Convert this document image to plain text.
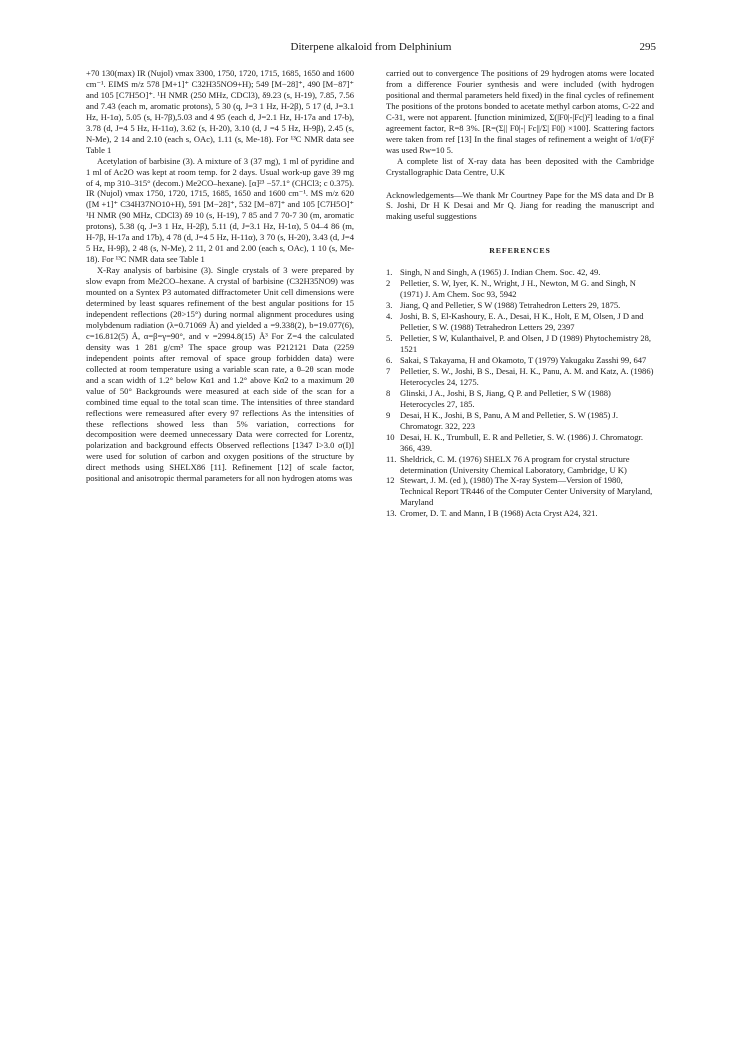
Diterpene alkaloid from Delphinium	295

+70 130(max) IR (Nujol) νmax 3300, 1750, 1720, 1715, 1685, 1650 and 1600 cm⁻¹. EIMS m/z 578 [M+1]⁺ C32H35NO9+H); 549 [M−28]⁺, 490 [M−87]⁺ and 105 [C7H5O]⁺. ¹H NMR (250 MHz, CDCl3), δ9.23 (s, H-19), 7.85, 7.56 and 7.43 (each m, aromatic protons), 5 30 (q, J=3 1 Hz, H-2β), 5 17 (d, J=3.1 Hz, H-1α), 5.05 (s, H-7β),5.03 and 4 95 (each d, J=2.1 Hz, H-17a and 17-b), 3.78 (d, J=4 5 Hz, H-11α), 3.62 (s, H-20), 3.10 (d, J =4 5 Hz, H-9β), 2.45 (s, N-Me), 2 14 and 2.10 (each s, OAc), 1.11 (s, Me-18). For ¹³C NMR data see Table 1

Acetylation of barbisine (3). A mixture of 3 (37 mg), 1 ml of pyridine and 1 ml of Ac2O was kept at room temp. for 2 days. Usual work-up gave 39 mg of 4, mp 310–315° (decom.) Me2CO–hexane). [α]²³ −57.1° (CHCl3; c 0.375). IR (Nujol) νmax 1750, 1720, 1715, 1685, 1650 and 1600 cm⁻¹. MS m/z 620 ([M +1]⁺ C34H37NO10+H), 591 [M−28]⁺, 532 [M−87]⁺ and 105 [C7H5O]⁺ ¹H NMR (90 MHz, CDCl3) δ9 10 (s, H-19), 7 85 and 7 70-7 30 (m, aromatic protons), 5.38 (q, J=3 1 Hz, H-2β), 5.11 (d, J=3.1 Hz, H-1α), 5 04–4 86 (m, H-7β, H-17a and 17b), 4 78 (d, J=4 5 Hz, H-11α), 3 70 (s, H-20), 3.43 (d, J=4 5 Hz, H-9β), 2 48 (s, N-Me), 2 11, 2 01 and 2.00 (each s, OAc), 1 10 (s, Me-18). For ¹³C NMR data see Table 1

X-Ray analysis of barbisine (3). Single crystals of 3 were prepared by slow evapn from Me2CO–hexane. A crystal of barbisine (C32H35NO9) was mounted on a Syntex P3 automated diffractometer Unit cell dimensions were determined by least squares refinement of the best angular positions for 15 independent reflections (2θ>15°) during normal alignment procedures using molybdenum radiation (λ=0.71069 Å) and yielded a =9.338(2), b=19.077(6), c=16.812(5) Å, α=β=γ=90°, and v =2994.8(15) Å³ For Z=4 the calculated density was 1 281 g/cm³ The space group was P212121 Data (2259 independent points after removal of space group forbidden data) were collected at room temperature using a variable scan rate, a θ–2θ scan mode and a scan width of 1.2° below Kα1 and 1.2° above Kα2 to a maximum 2θ value of 50° Backgrounds were measured at each side of the scan for a combined time equal to the total scan time. The intensities of three standard reflections were remeasured after every 97 reflections As the intensities of these reflections showed less than 5% variation, corrections for decomposition were deemed unnecessary Data were corrected for Lorentz, polarization and background effects Observed reflections [1347 I>3.0 σ(I)] were used for solution of carbon and oxygen positions of the structure by direct methods using SHELX86 [11]. Refinement [12] of scale factor, positional and anisotropic thermal parameters for all non hydrogen atoms was

carried out to convergence The positions of 29 hydrogen atoms were located from a difference Fourier synthesis and were included (with hydrogen positional and thermal parameters held fixed) in the final cycles of refinement The positions of the protons bonded to acetate methyl carbon atoms, C-22 and C-31, were not apparent. [function minimized, Σ(|F0|-|Fc|)²] leading to a final agreement factor, R=8 3%. [R=(Σ|| F0|-| Fc||/Σ| F0|) ×100]. Scattering factors were taken from ref [13] In the final stages of refinement a weight of 1/σ(F)² was used Rw=10 5.

A complete list of X-ray data has been deposited with the Cambridge Crystallographic Data Centre, U.K

Acknowledgements—We thank Mr Courtney Pape for the MS data and Dr B S. Joshi, Dr H K Desai and Mr Q. Jiang for reading the manuscript and making useful suggestions

REFERENCES

1. Singh, N and Singh, A (1965) J. Indian Chem. Soc. 42, 49.

2 Pelletier, S. W, Iyer, K. N., Wright, J H., Newton, M G. and Singh, N (1971) J. Am Chem. Soc 93, 5942

3. Jiang, Q and Pelletier, S W (1988) Tetrahedron Letters 29, 1875.

4. Joshi, B. S, El-Kashoury, E. A., Desai, H K., Holt, E M, Olsen, J D and Pelletier, S W. (1988) Tetrahedron Letters 29, 2397

5. Pelletier, S W, Kulanthaivel, P. and Olsen, J D (1989) Phytochemistry 28, 1521

6. Sakai, S Takayama, H and Okamoto, T (1979) Yakugaku Zasshi 99, 647

7 Pelletier, S. W., Joshi, B S., Desai, H. K., Panu, A. M. and Katz, A. (1986) Heterocycles 24, 1275.

8 Glinski, J A., Joshi, B S, Jiang, Q P. and Pelletier, S W (1988) Heterocycles 27, 185.

9 Desai, H K., Joshi, B S, Panu, A M and Pelletier, S. W (1985) J. Chromatogr. 322, 223

10 Desai, H. K., Trumbull, E. R and Pelletier, S. W. (1986) J. Chromatogr. 366, 439.

11. Sheldrick, C. M. (1976) SHELX 76 A program for crystal structure determination (University Chemical Laboratory, Cambridge, U K)

12 Stewart, J. M. (ed ), (1980) The X-ray System—Version of 1980, Technical Report TR446 of the Computer Center University of Maryland, Maryland

13. Cromer, D. T. and Mann, I B (1968) Acta Cryst A24, 321.
